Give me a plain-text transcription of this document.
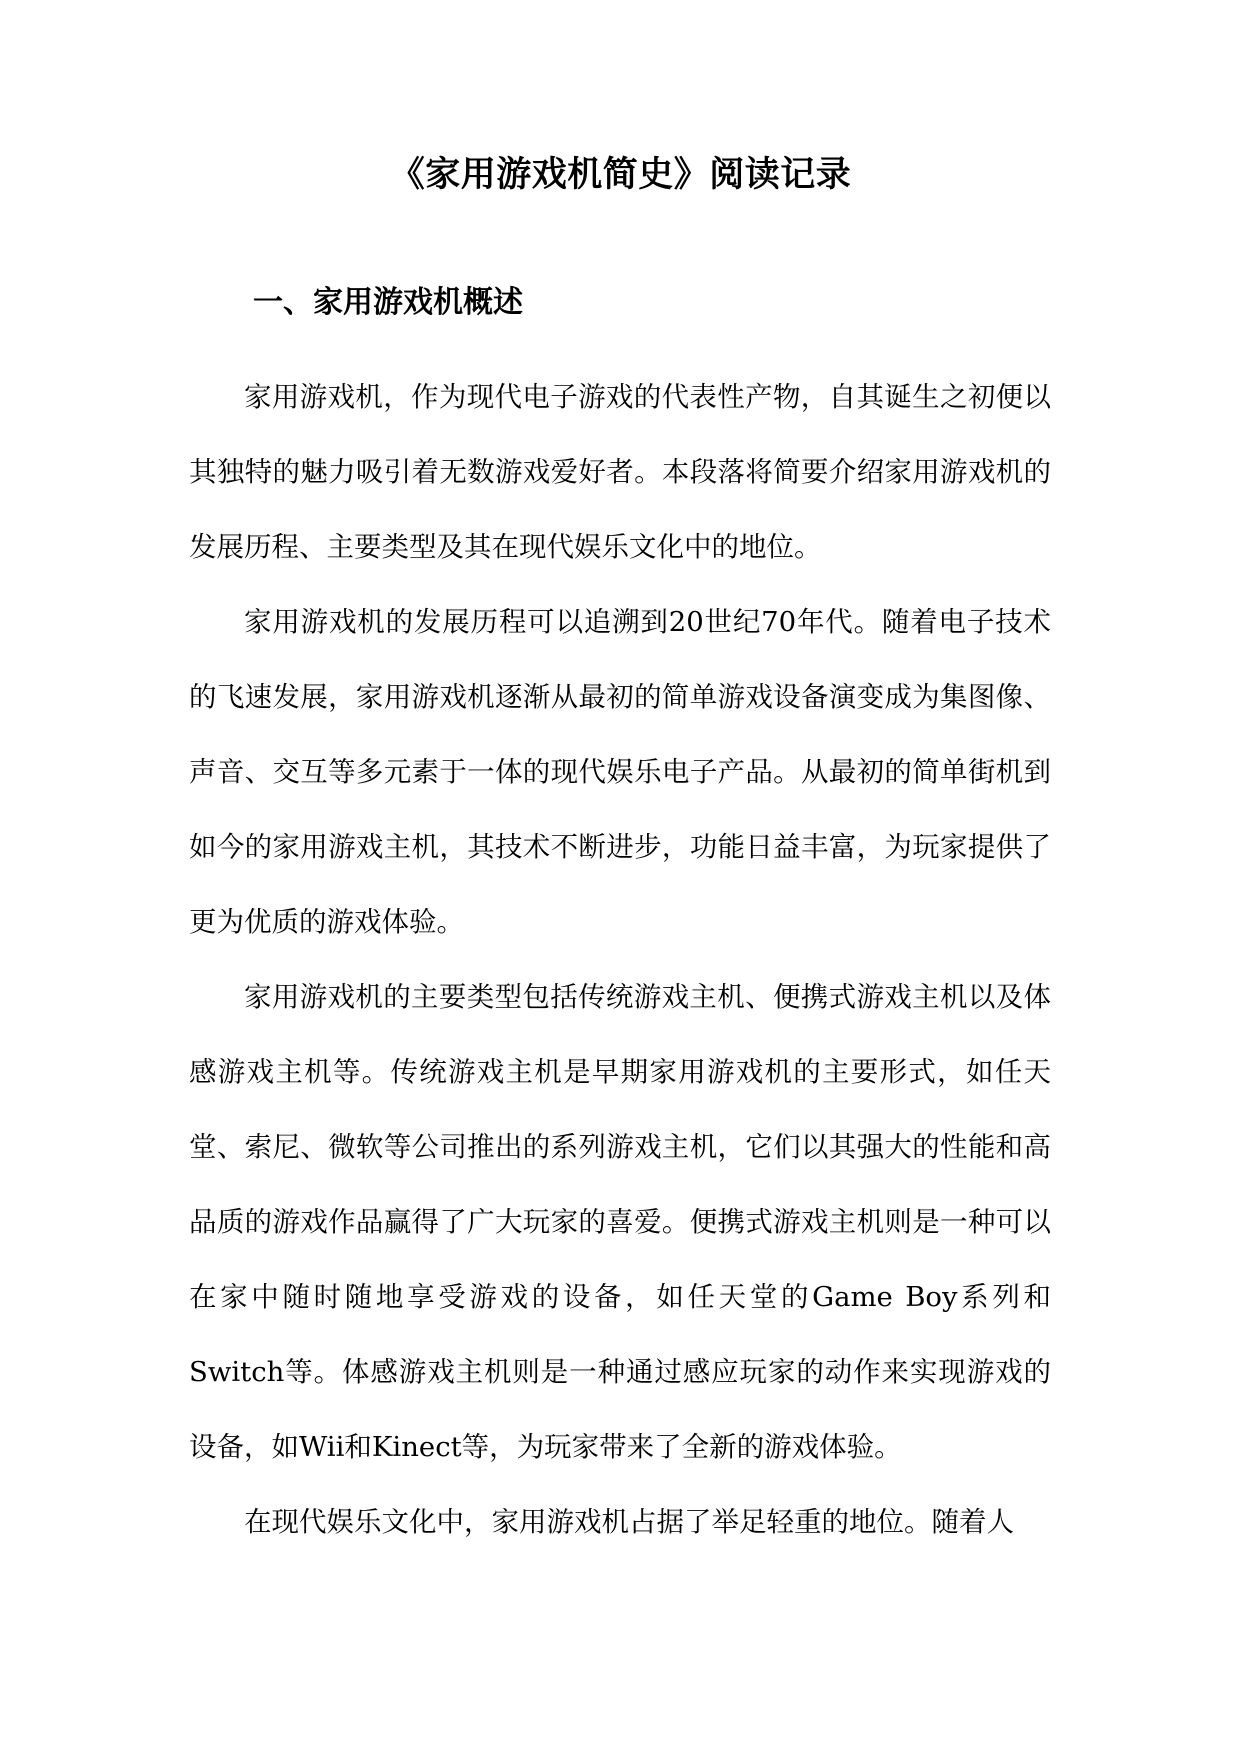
《家用游戏机简史》阅读记录
一、家用游戏机概述

家用游戏机，作为现代电子游戏的代表性产物，自其诞生之初便以其独特的魅力吸引着无数游戏爱好者。本段落将简要介绍家用游戏机的发展历程、主要类型及其在现代娱乐文化中的地位。

家用游戏机的发展历程可以追溯到20世纪70年代。随着电子技术的飞速发展，家用游戏机逐渐从最初的简单游戏设备演变成为集图像、声音、交互等多元素于一体的现代娱乐电子产品。从最初的简单街机到如今的家用游戏主机，其技术不断进步，功能日益丰富，为玩家提供了更为优质的游戏体验。

家用游戏机的主要类型包括传统游戏主机、便携式游戏主机以及体感游戏主机等。传统游戏主机是早期家用游戏机的主要形式，如任天堂、索尼、微软等公司推出的系列游戏主机，它们以其强大的性能和高品质的游戏作品赢得了广大玩家的喜爱。便携式游戏主机则是一种可以在家中随时随地享受游戏的设备，如任天堂的Game Boy系列和Switch等。体感游戏主机则是一种通过感应玩家的动作来实现游戏的设备，如Wii和Kinect等，为玩家带来了全新的游戏体验。

在现代娱乐文化中，家用游戏机占据了举足轻重的地位。随着人
